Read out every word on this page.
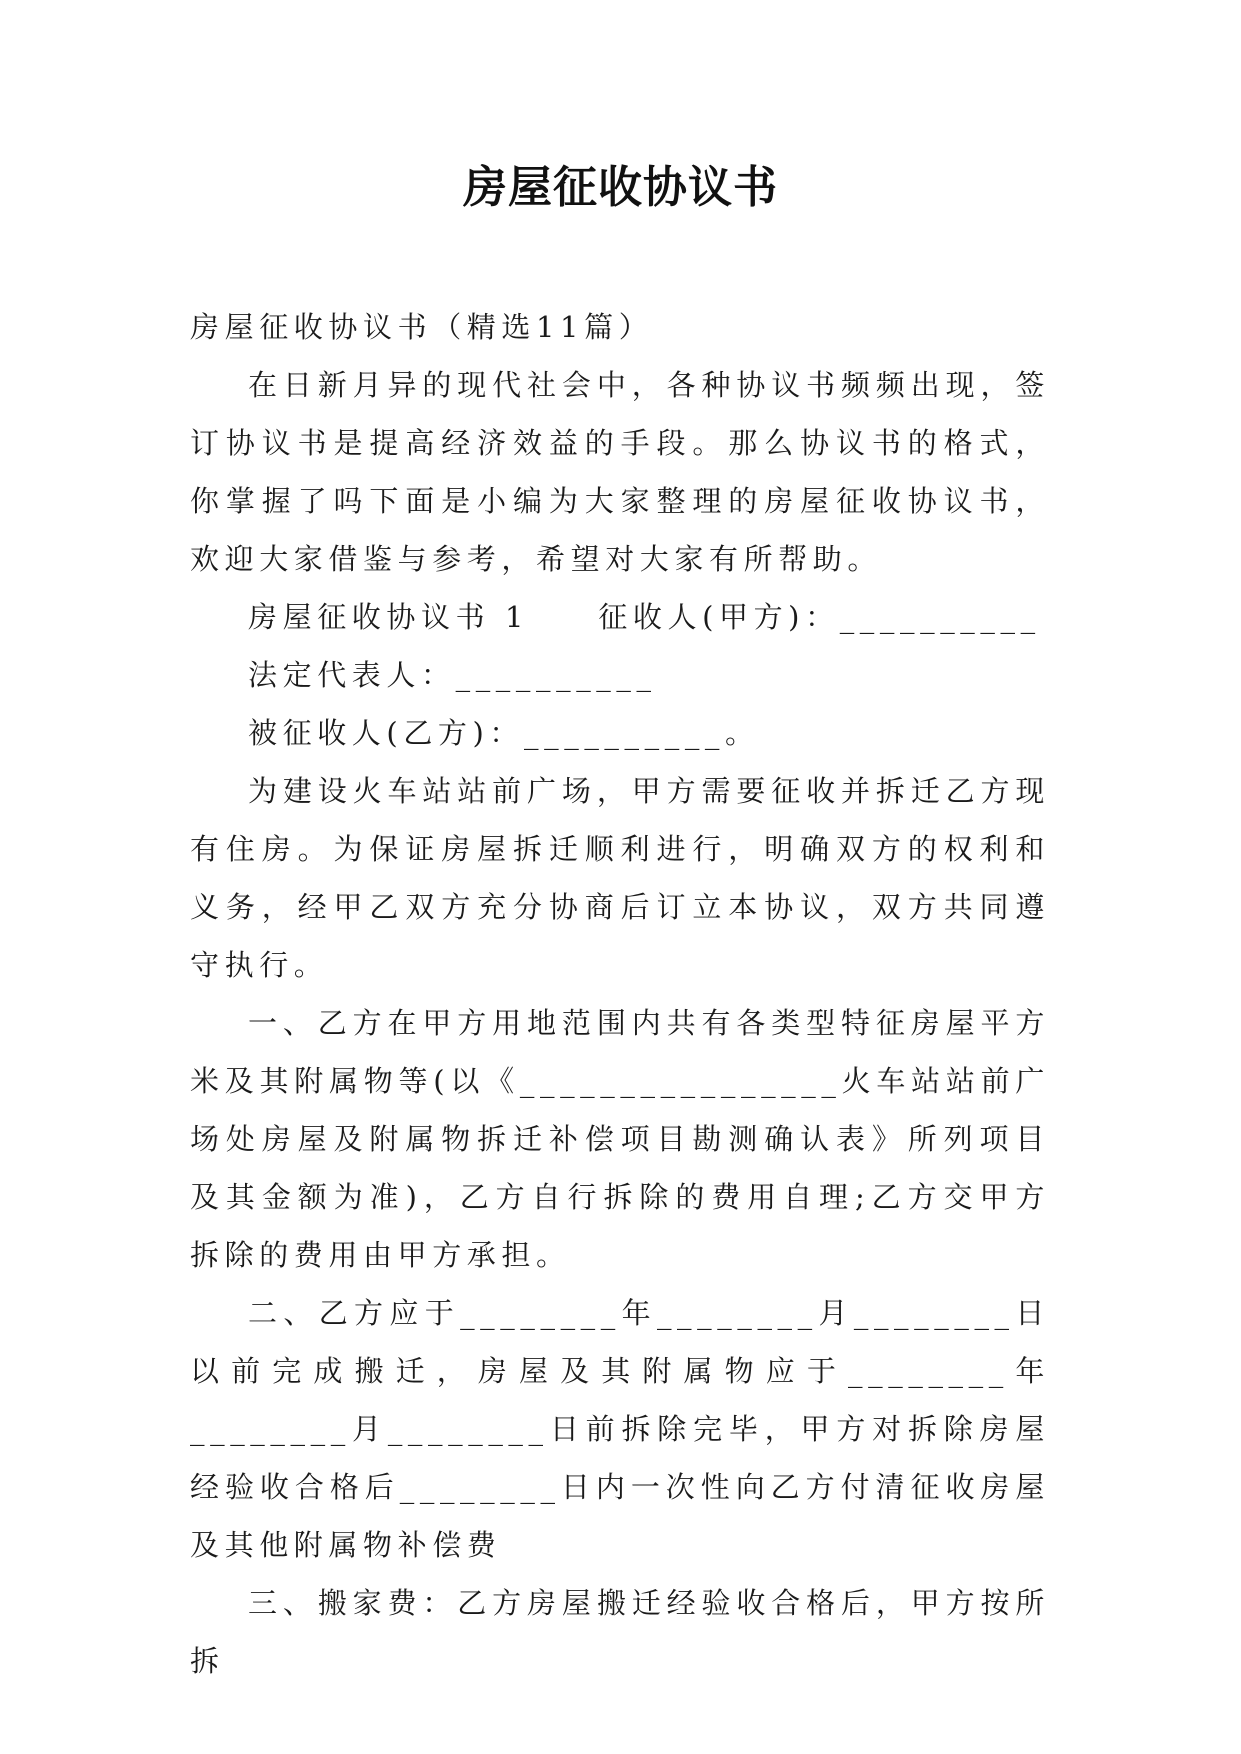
房屋征收协议书

房屋征收协议书（精选11篇）

在日新月异的现代社会中，各种协议书频频出现，签订协议书是提高经济效益的手段。那么协议书的格式，你掌握了吗下面是小编为大家整理的房屋征收协议书，欢迎大家借鉴与参考，希望对大家有所帮助。

房屋征收协议书 1　　征收人(甲方)：__________

法定代表人：__________

被征收人(乙方)：__________。

为建设火车站站前广场，甲方需要征收并拆迁乙方现有住房。为保证房屋拆迁顺利进行，明确双方的权利和义务，经甲乙双方充分协商后订立本协议，双方共同遵守执行。

一、乙方在甲方用地范围内共有各类型特征房屋平方米及其附属物等(以《________________火车站站前广场处房屋及附属物拆迁补偿项目勘测确认表》所列项目及其金额为准)，乙方自行拆除的费用自理;乙方交甲方拆除的费用由甲方承担。

二、乙方应于________年________月________日以前完成搬迁，房屋及其附属物应于________年________月________日前拆除完毕，甲方对拆除房屋经验收合格后________日内一次性向乙方付清征收房屋及其他附属物补偿费

三、搬家费：乙方房屋搬迁经验收合格后，甲方按所拆
